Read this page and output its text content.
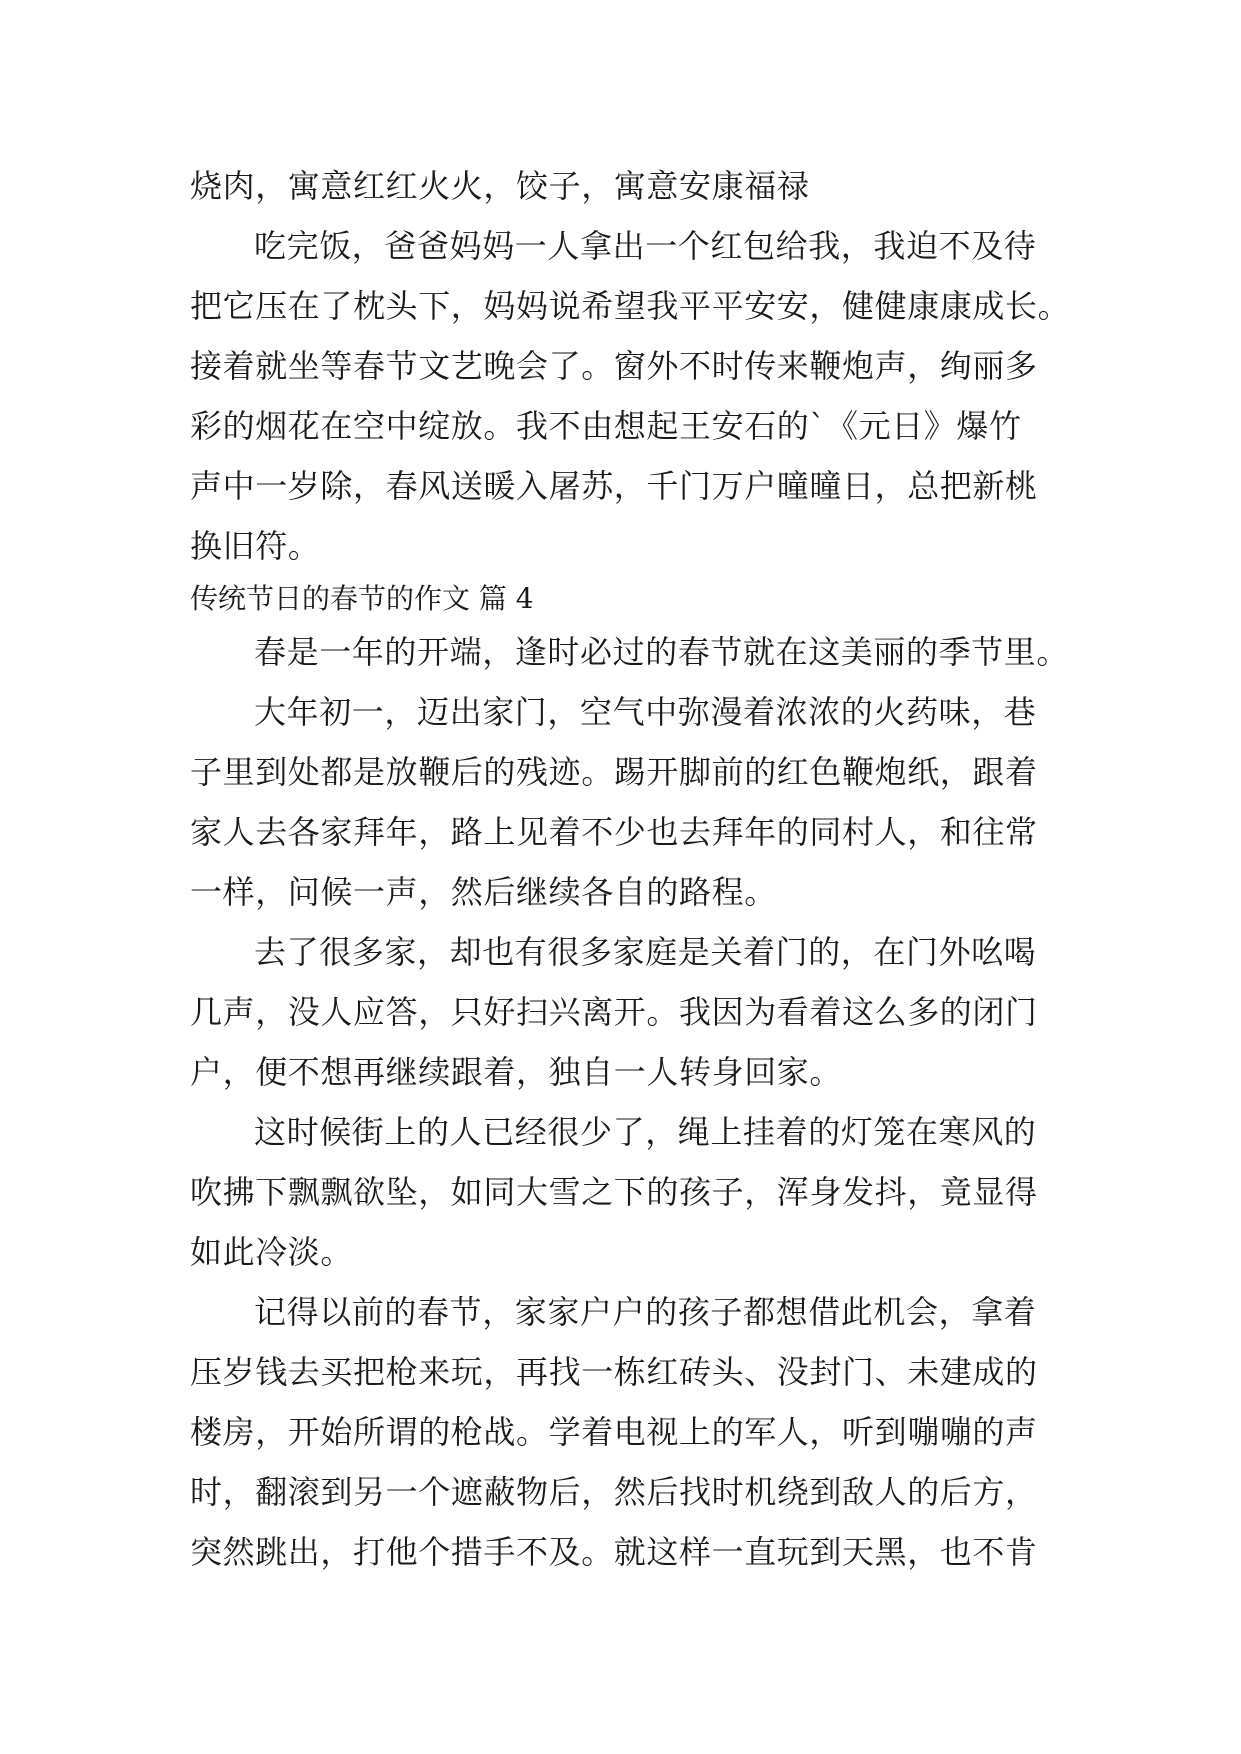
烧肉，寓意红红火火，饺子，寓意安康福禄
吃完饭，爸爸妈妈一人拿出一个红包给我，我迫不及待
把它压在了枕头下，妈妈说希望我平平安安，健健康康成长。
接着就坐等春节文艺晚会了。窗外不时传来鞭炮声，绚丽多
彩的烟花在空中绽放。我不由想起王安石的`《元日》爆竹
声中一岁除，春风送暖入屠苏，千门万户曈曈日，总把新桃
换旧符。
传统节日的春节的作文 篇 4
春是一年的开端，逢时必过的春节就在这美丽的季节里。
大年初一，迈出家门，空气中弥漫着浓浓的火药味，巷
子里到处都是放鞭后的残迹。踢开脚前的红色鞭炮纸，跟着
家人去各家拜年，路上见着不少也去拜年的同村人，和往常
一样，问候一声，然后继续各自的路程。
去了很多家，却也有很多家庭是关着门的，在门外吆喝
几声，没人应答，只好扫兴离开。我因为看着这么多的闭门
户，便不想再继续跟着，独自一人转身回家。
这时候街上的人已经很少了，绳上挂着的灯笼在寒风的
吹拂下飘飘欲坠，如同大雪之下的孩子，浑身发抖，竟显得
如此冷淡。
记得以前的春节，家家户户的孩子都想借此机会，拿着
压岁钱去买把枪来玩，再找一栋红砖头、没封门、未建成的
楼房，开始所谓的枪战。学着电视上的军人，听到嘣嘣的声
时，翻滚到另一个遮蔽物后，然后找时机绕到敌人的后方，
突然跳出，打他个措手不及。就这样一直玩到天黑，也不肯
